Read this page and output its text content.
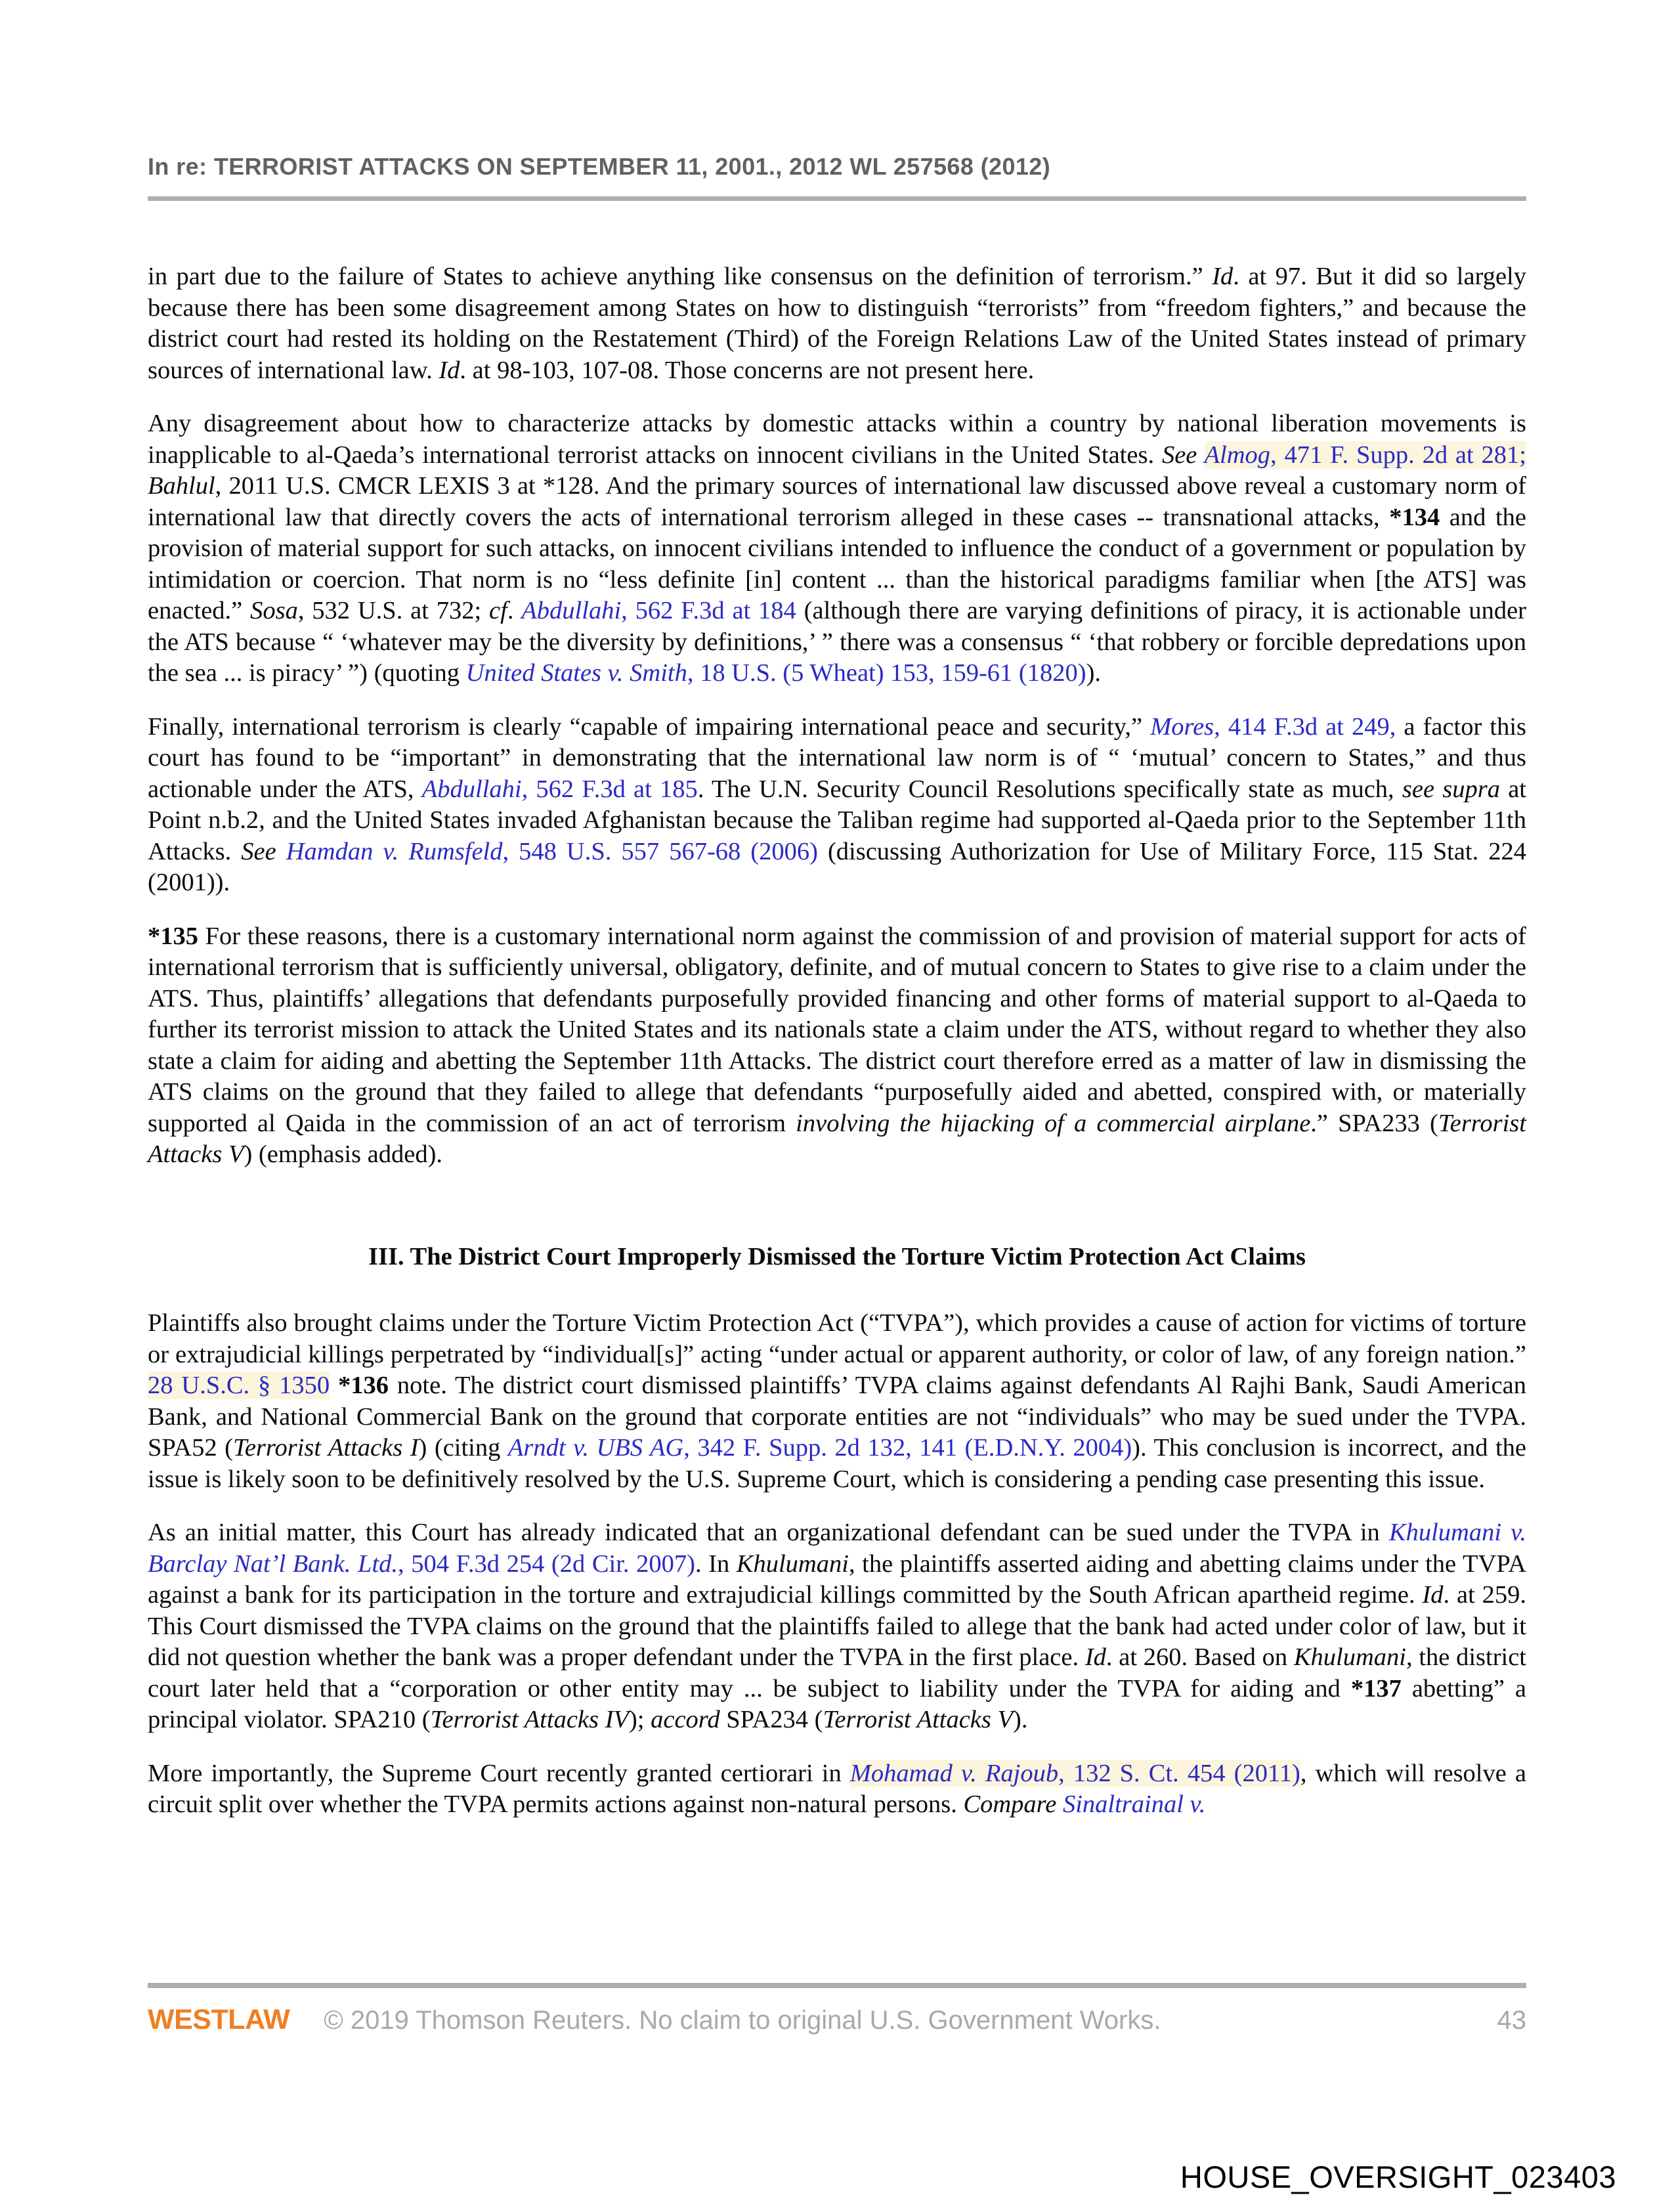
In re: TERRORIST ATTACKS ON SEPTEMBER 11, 2001., 2012 WL 257568 (2012)

in part due to the failure of States to achieve anything like consensus on the definition of terrorism.” Id. at 97. But it did so largely because there has been some disagreement among States on how to distinguish “terrorists” from “freedom fighters,” and because the district court had rested its holding on the Restatement (Third) of the Foreign Relations Law of the United States instead of primary sources of international law. Id. at 98-103, 107-08. Those concerns are not present here.

Any disagreement about how to characterize attacks by domestic attacks within a country by national liberation movements is inapplicable to al-Qaeda’s international terrorist attacks on innocent civilians in the United States. See Almog, 471 F. Supp. 2d at 281; Bahlul, 2011 U.S. CMCR LEXIS 3 at *128. And the primary sources of international law discussed above reveal a customary norm of international law that directly covers the acts of international terrorism alleged in these cases -- transnational attacks, *134 and the provision of material support for such attacks, on innocent civilians intended to influence the conduct of a government or population by intimidation or coercion. That norm is no “less definite [in] content ... than the historical paradigms familiar when [the ATS] was enacted.” Sosa, 532 U.S. at 732; cf. Abdullahi, 562 F.3d at 184 (although there are varying definitions of piracy, it is actionable under the ATS because “ ‘whatever may be the diversity by definitions,’ ” there was a consensus “ ‘that robbery or forcible depredations upon the sea ... is piracy’ ”) (quoting United States v. Smith, 18 U.S. (5 Wheat) 153, 159-61 (1820)).

Finally, international terrorism is clearly “capable of impairing international peace and security,” Mores, 414 F.3d at 249, a factor this court has found to be “important” in demonstrating that the international law norm is of “ ‘mutual’ concern to States,” and thus actionable under the ATS, Abdullahi, 562 F.3d at 185. The U.N. Security Council Resolutions specifically state as much, see supra at Point n.b.2, and the United States invaded Afghanistan because the Taliban regime had supported al-Qaeda prior to the September 11th Attacks. See Hamdan v. Rumsfeld, 548 U.S. 557 567-68 (2006) (discussing Authorization for Use of Military Force, 115 Stat. 224 (2001)).

*135 For these reasons, there is a customary international norm against the commission of and provision of material support for acts of international terrorism that is sufficiently universal, obligatory, definite, and of mutual concern to States to give rise to a claim under the ATS. Thus, plaintiffs’ allegations that defendants purposefully provided financing and other forms of material support to al-Qaeda to further its terrorist mission to attack the United States and its nationals state a claim under the ATS, without regard to whether they also state a claim for aiding and abetting the September 11th Attacks. The district court therefore erred as a matter of law in dismissing the ATS claims on the ground that they failed to allege that defendants “purposefully aided and abetted, conspired with, or materially supported al Qaida in the commission of an act of terrorism involving the hijacking of a commercial airplane.” SPA233 (Terrorist Attacks V) (emphasis added).

III. The District Court Improperly Dismissed the Torture Victim Protection Act Claims

Plaintiffs also brought claims under the Torture Victim Protection Act (“TVPA”), which provides a cause of action for victims of torture or extrajudicial killings perpetrated by “individual[s]” acting “under actual or apparent authority, or color of law, of any foreign nation.” 28 U.S.C. § 1350 *136 note. The district court dismissed plaintiffs’ TVPA claims against defendants Al Rajhi Bank, Saudi American Bank, and National Commercial Bank on the ground that corporate entities are not “individuals” who may be sued under the TVPA. SPA52 (Terrorist Attacks I) (citing Arndt v. UBS AG, 342 F. Supp. 2d 132, 141 (E.D.N.Y. 2004)). This conclusion is incorrect, and the issue is likely soon to be definitively resolved by the U.S. Supreme Court, which is considering a pending case presenting this issue.

As an initial matter, this Court has already indicated that an organizational defendant can be sued under the TVPA in Khulumani v. Barclay Nat’l Bank. Ltd., 504 F.3d 254 (2d Cir. 2007). In Khulumani, the plaintiffs asserted aiding and abetting claims under the TVPA against a bank for its participation in the torture and extrajudicial killings committed by the South African apartheid regime. Id. at 259. This Court dismissed the TVPA claims on the ground that the plaintiffs failed to allege that the bank had acted under color of law, but it did not question whether the bank was a proper defendant under the TVPA in the first place. Id. at 260. Based on Khulumani, the district court later held that a “corporation or other entity may ... be subject to liability under the TVPA for aiding and *137 abetting” a principal violator. SPA210 (Terrorist Attacks IV); accord SPA234 (Terrorist Attacks V).

More importantly, the Supreme Court recently granted certiorari in Mohamad v. Rajoub, 132 S. Ct. 454 (2011), which will resolve a circuit split over whether the TVPA permits actions against non-natural persons. Compare Sinaltrainal v.

WESTLAW © 2019 Thomson Reuters. No claim to original U.S. Government Works.	43
HOUSE_OVERSIGHT_023403
